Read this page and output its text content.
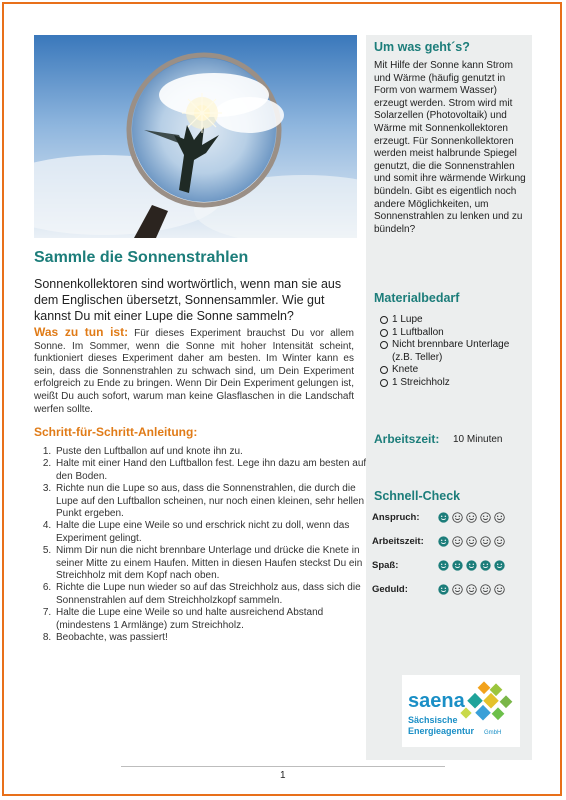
Sammle die Sonnenstrahlen
Sonnenkollektoren sind wortwörtlich, wenn man sie aus dem Englischen übersetzt, Sonnensammler. Wie gut kannst Du mit einer Lupe die Sonne sammeln?
Was zu tun ist: Für dieses Experiment brauchst Du vor allem Sonne. Im Sommer, wenn die Sonne mit hoher Intensität scheint, funktioniert dieses Experiment daher am besten. Im Winter kann es sein, dass die Sonnenstrahlen zu schwach sind, um Dein Experiment erfolgreich zu Ende zu bringen. Wenn Dir Dein Experiment gelungen ist, weißt Du auch sofort, warum man keine Glasflaschen in die Landschaft werfen sollte.
Schritt-für-Schritt-Anleitung:
1. Puste den Luftballon auf und knote ihn zu.
2. Halte mit einer Hand den Luftballon fest. Lege ihn dazu am besten auf den Boden.
3. Richte nun die Lupe so aus, dass die Sonnenstrahlen, die durch die Lupe auf den Luftballon scheinen, nur noch einen kleinen, sehr hellen Punkt ergeben.
4. Halte die Lupe eine Weile so und erschrick nicht zu doll, wenn das Experiment gelingt.
5. Nimm Dir nun die nicht brennbare Unterlage und drücke die Knete in seiner Mitte zu einem Haufen. Mitten in diesen Haufen steckst Du ein Streichholz mit dem Kopf nach oben.
6. Richte die Lupe nun wieder so auf das Streichholz aus, dass sich die Sonnenstrahlen auf dem Streichholzkopf sammeln.
7. Halte die Lupe eine Weile so und halte ausreichend Abstand (mindestens 1 Armlänge) zum Streichholz.
8. Beobachte, was passiert!
Um was geht´s?
Mit Hilfe der Sonne kann Strom und Wärme (häufig genutzt in Form von warmem Wasser) erzeugt werden. Strom wird mit Solarzellen (Photovoltaik) und Wärme mit Sonnenkollektoren erzeugt. Für Sonnenkollektoren werden meist halbrunde Spiegel genutzt, die die Sonnenstrahlen und somit ihre wärmende Wirkung bündeln. Gibt es eigentlich noch andere Möglichkeiten, um Sonnenstrahlen zu lenken und zu bündeln?
Materialbedarf
1 Lupe
1 Luftballon
Nicht brennbare Unterlage
(z.B. Teller)
Knete
1 Streichholz
Arbeitszeit: 10 Minuten
Schnell-Check
Anspruch:
Arbeitszeit:
Spaß:
Geduld:
saena
Sächsische
Energieagentur GmbH
1
